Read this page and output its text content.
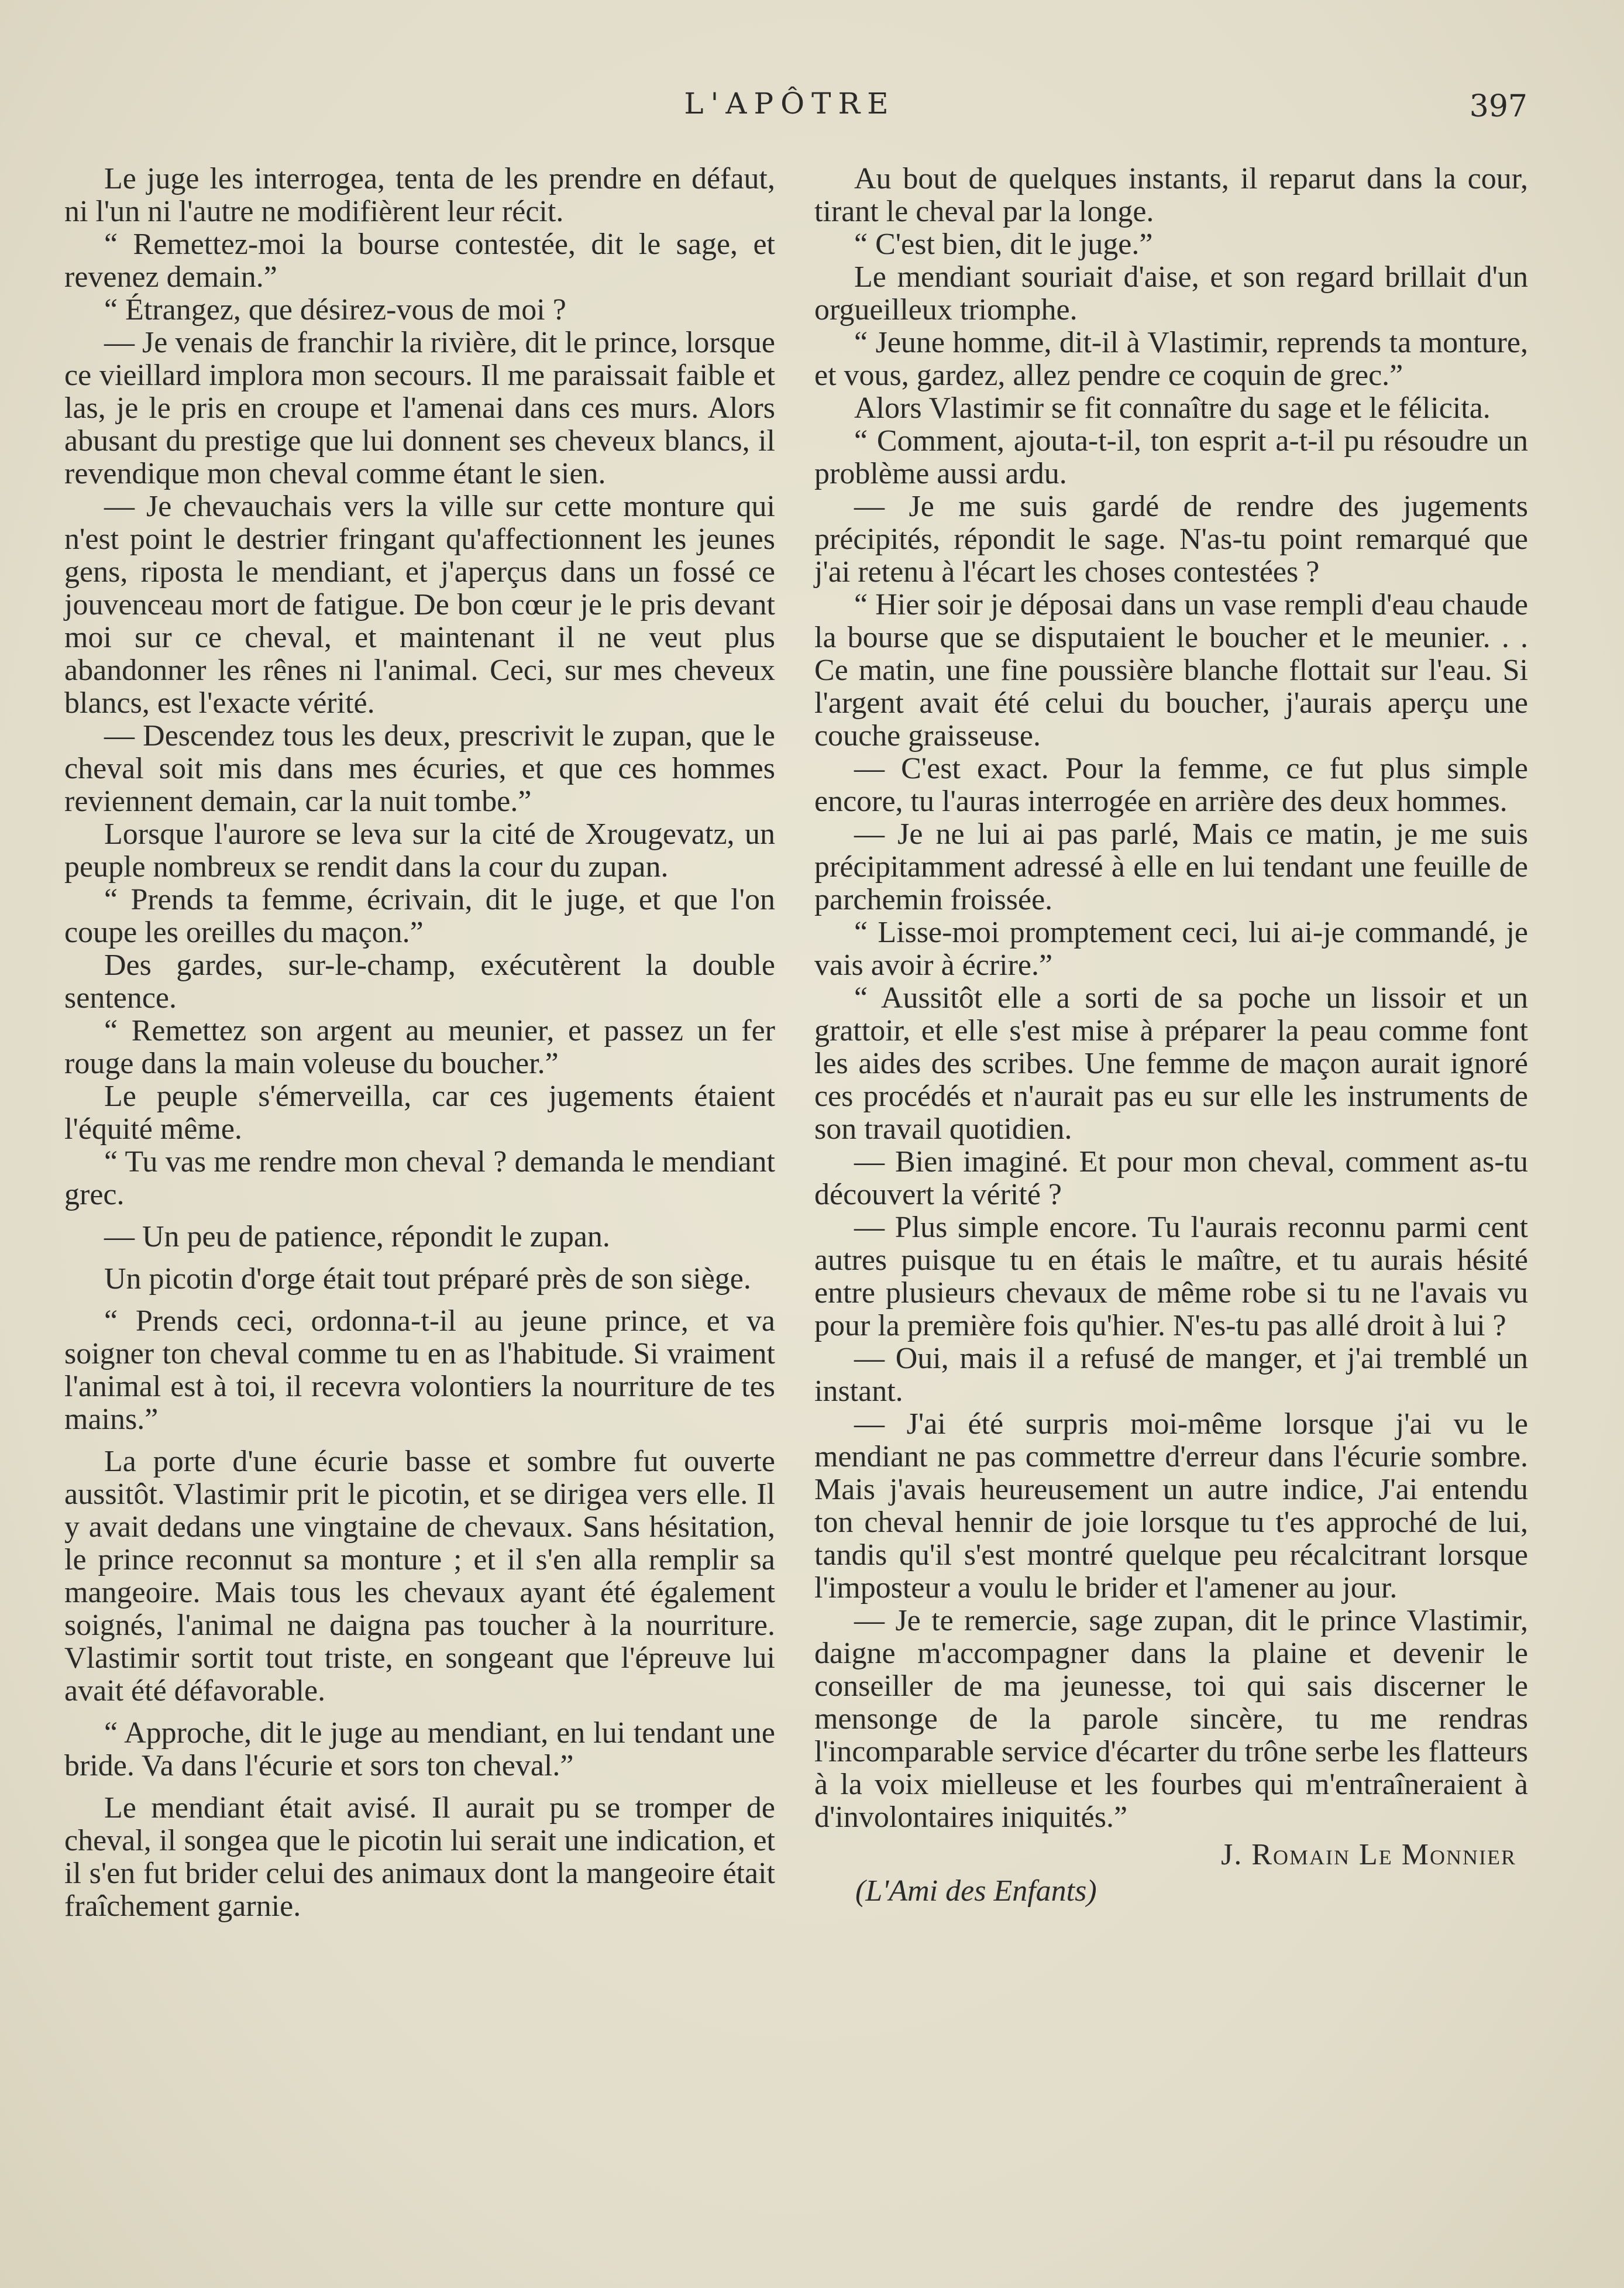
L'APÔTRE	397

Le juge les interrogea, tenta de les prendre en défaut, ni l'un ni l'autre ne modifièrent leur récit.

“ Remettez-moi la bourse contestée, dit le sage, et revenez demain.”

“ Étrangez, que désirez-vous de moi ?

— Je venais de franchir la rivière, dit le prince, lorsque ce vieillard implora mon secours. Il me paraissait faible et las, je le pris en croupe et l'amenai dans ces murs. Alors abusant du prestige que lui donnent ses cheveux blancs, il revendique mon cheval comme étant le sien.

— Je chevauchais vers la ville sur cette monture qui n'est point le destrier fringant qu'affectionnent les jeunes gens, riposta le mendiant, et j'aperçus dans un fossé ce jouvenceau mort de fatigue. De bon cœur je le pris devant moi sur ce cheval, et maintenant il ne veut plus abandonner les rênes ni l'animal. Ceci, sur mes cheveux blancs, est l'exacte vérité.

— Descendez tous les deux, prescrivit le zupan, que le cheval soit mis dans mes écuries, et que ces hommes reviennent demain, car la nuit tombe.”

Lorsque l'aurore se leva sur la cité de Xrougevatz, un peuple nombreux se rendit dans la cour du zupan.

“ Prends ta femme, écrivain, dit le juge, et que l'on coupe les oreilles du maçon.”

Des gardes, sur-le-champ, exécutèrent la double sentence.

“ Remettez son argent au meunier, et passez un fer rouge dans la main voleuse du boucher.”

Le peuple s'émerveilla, car ces jugements étaient l'équité même.

“ Tu vas me rendre mon cheval ? demanda le mendiant grec.

— Un peu de patience, répondit le zupan.

Un picotin d'orge était tout préparé près de son siège.

“ Prends ceci, ordonna-t-il au jeune prince, et va soigner ton cheval comme tu en as l'habitude. Si vraiment l'animal est à toi, il recevra volontiers la nourriture de tes mains.”

La porte d'une écurie basse et sombre fut ouverte aussitôt. Vlastimir prit le picotin, et se dirigea vers elle. Il y avait dedans une vingtaine de chevaux. Sans hésitation, le prince reconnut sa monture ; et il s'en alla remplir sa mangeoire. Mais tous les chevaux ayant été également soignés, l'animal ne daigna pas toucher à la nourriture. Vlastimir sortit tout triste, en songeant que l'épreuve lui avait été défavorable.

“ Approche, dit le juge au mendiant, en lui tendant une bride. Va dans l'écurie et sors ton cheval.”

Le mendiant était avisé. Il aurait pu se tromper de cheval, il songea que le picotin lui serait une indication, et il s'en fut brider celui des animaux dont la mangeoire était fraîchement garnie.

Au bout de quelques instants, il reparut dans la cour, tirant le cheval par la longe.

“ C'est bien, dit le juge.”

Le mendiant souriait d'aise, et son regard brillait d'un orgueilleux triomphe.

“ Jeune homme, dit-il à Vlastimir, reprends ta monture, et vous, gardez, allez pendre ce coquin de grec.”

Alors Vlastimir se fit connaître du sage et le félicita.

“ Comment, ajouta-t-il, ton esprit a-t-il pu résoudre un problème aussi ardu.

— Je me suis gardé de rendre des jugements précipités, répondit le sage. N'as-tu point remarqué que j'ai retenu à l'écart les choses contestées ?

“ Hier soir je déposai dans un vase rempli d'eau chaude la bourse que se disputaient le boucher et le meunier. . . Ce matin, une fine poussière blanche flottait sur l'eau. Si l'argent avait été celui du boucher, j'aurais aperçu une couche graisseuse.

— C'est exact. Pour la femme, ce fut plus simple encore, tu l'auras interrogée en arrière des deux hommes.

— Je ne lui ai pas parlé, Mais ce matin, je me suis précipitamment adressé à elle en lui tendant une feuille de parchemin froissée.

“ Lisse-moi promptement ceci, lui ai-je commandé, je vais avoir à écrire.”

“ Aussitôt elle a sorti de sa poche un lissoir et un grattoir, et elle s'est mise à préparer la peau comme font les aides des scribes. Une femme de maçon aurait ignoré ces procédés et n'aurait pas eu sur elle les instruments de son travail quotidien.

— Bien imaginé. Et pour mon cheval, comment as-tu découvert la vérité ?

— Plus simple encore. Tu l'aurais reconnu parmi cent autres puisque tu en étais le maître, et tu aurais hésité entre plusieurs chevaux de même robe si tu ne l'avais vu pour la première fois qu'hier. N'es-tu pas allé droit à lui ?

— Oui, mais il a refusé de manger, et j'ai tremblé un instant.

— J'ai été surpris moi-même lorsque j'ai vu le mendiant ne pas commettre d'erreur dans l'écurie sombre. Mais j'avais heureusement un autre indice, J'ai entendu ton cheval hennir de joie lorsque tu t'es approché de lui, tandis qu'il s'est montré quelque peu récalcitrant lorsque l'imposteur a voulu le brider et l'amener au jour.

— Je te remercie, sage zupan, dit le prince Vlastimir, daigne m'accompagner dans la plaine et devenir le conseiller de ma jeunesse, toi qui sais discerner le mensonge de la parole sincère, tu me rendras l'incomparable service d'écarter du trône serbe les flatteurs à la voix mielleuse et les fourbes qui m'entraîneraient à d'involontaires iniquités.”

J. Romain Le Monnier
(L'Ami des Enfants)
